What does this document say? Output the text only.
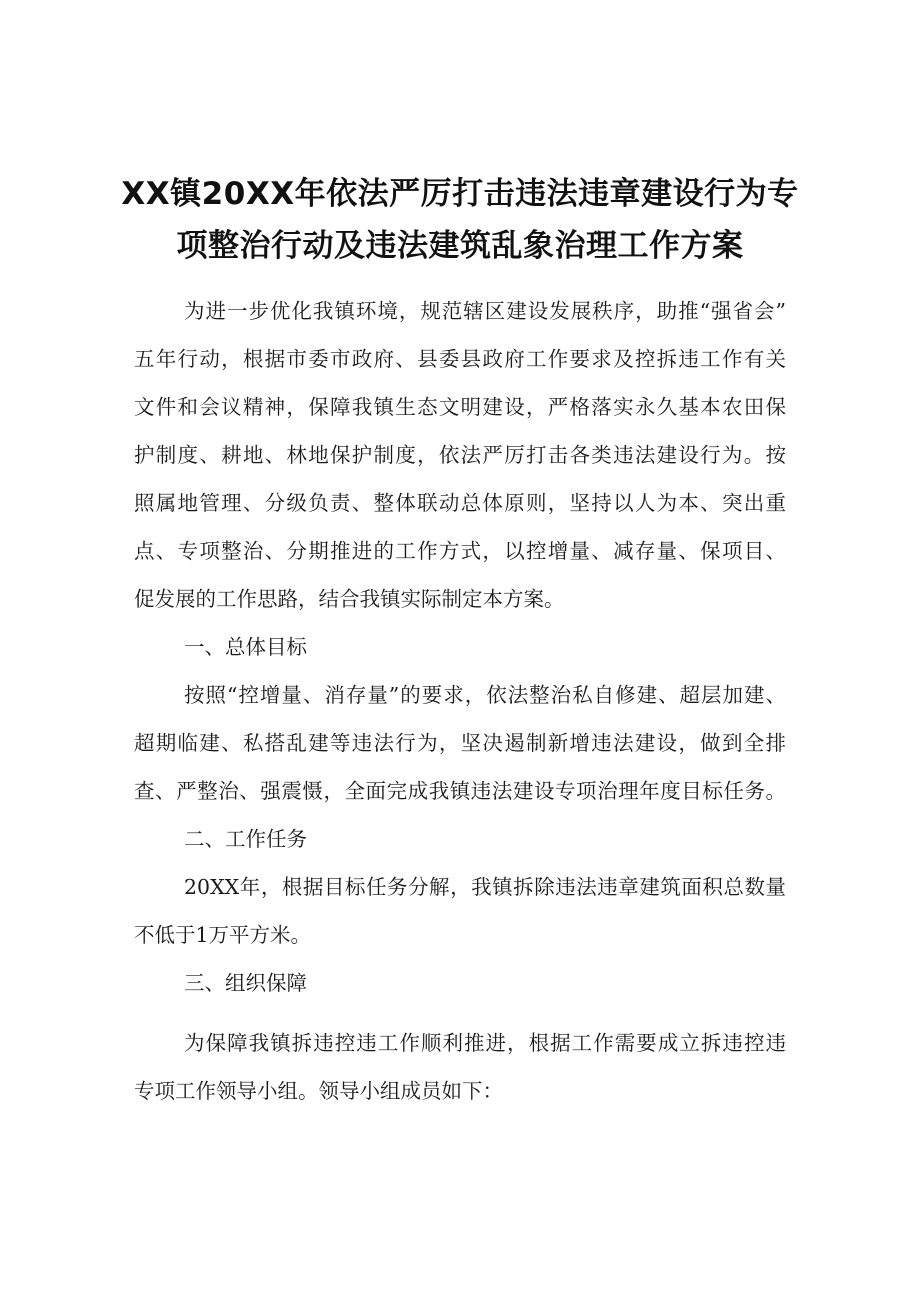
XX镇20XX年依法严厉打击违法违章建设行为专
项整治行动及违法建筑乱象治理工作方案
为进一步优化我镇环境，规范辖区建设发展秩序，助推“强省会”
五年行动，根据市委市政府、县委县政府工作要求及控拆违工作有关
文件和会议精神，保障我镇生态文明建设，严格落实永久基本农田保
护制度、耕地、林地保护制度，依法严厉打击各类违法建设行为。按
照属地管理、分级负责、整体联动总体原则，坚持以人为本、突出重
点、专项整治、分期推进的工作方式，以控增量、减存量、保项目、
促发展的工作思路，结合我镇实际制定本方案。
一、总体目标
按照“控增量、消存量”的要求，依法整治私自修建、超层加建、
超期临建、私搭乱建等违法行为，坚决遏制新增违法建设，做到全排
查、严整治、强震慑，全面完成我镇违法建设专项治理年度目标任务。
二、工作任务
20XX年，根据目标任务分解，我镇拆除违法违章建筑面积总数量
不低于1万平方米。
三、组织保障
为保障我镇拆违控违工作顺利推进，根据工作需要成立拆违控违
专项工作领导小组。领导小组成员如下：
